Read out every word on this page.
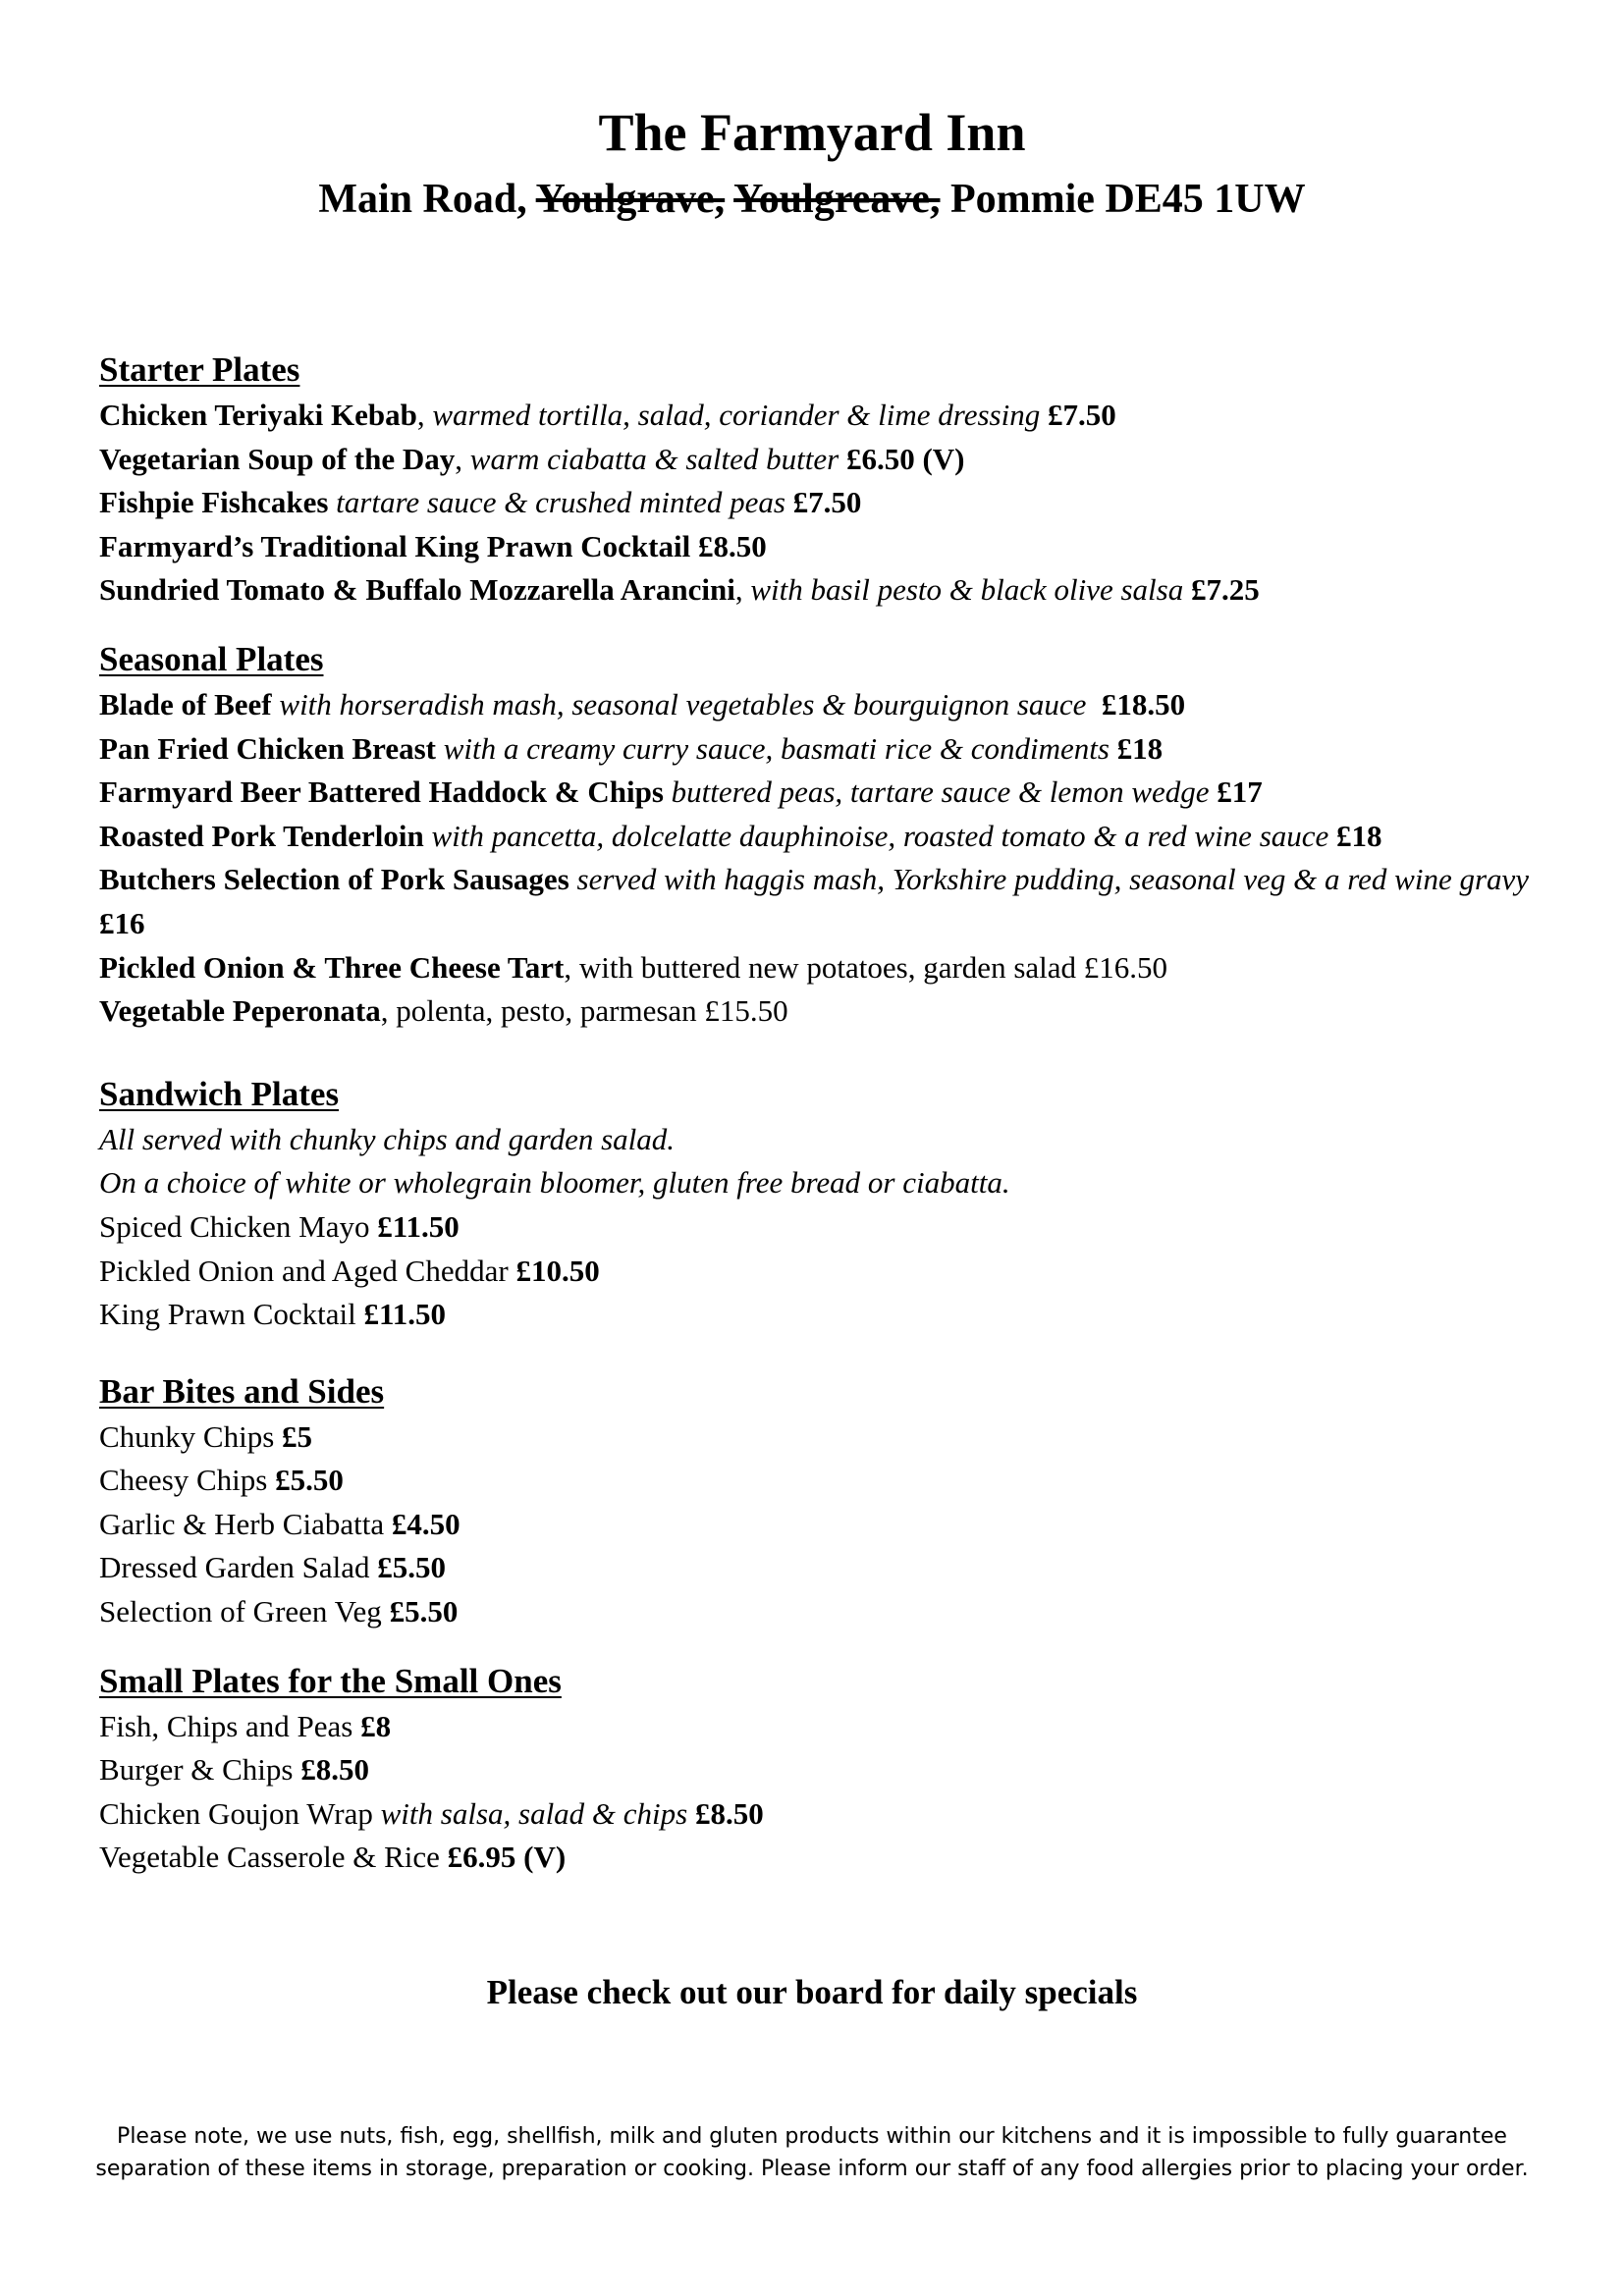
The Farmyard Inn
Main Road, Youlgrave, Youlgreave, Pommie DE45 1UW
Starter Plates
Chicken Teriyaki Kebab, warmed tortilla, salad, coriander & lime dressing £7.50
Vegetarian Soup of the Day, warm ciabatta & salted butter £6.50 (V)
Fishpie Fishcakes tartare sauce & crushed minted peas £7.50
Farmyard’s Traditional King Prawn Cocktail £8.50
Sundried Tomato & Buffalo Mozzarella Arancini, with basil pesto & black olive salsa £7.25
Seasonal Plates
Blade of Beef with horseradish mash, seasonal vegetables & bourguignon sauce £18.50
Pan Fried Chicken Breast with a creamy curry sauce, basmati rice & condiments £18
Farmyard Beer Battered Haddock & Chips buttered peas, tartare sauce & lemon wedge £17
Roasted Pork Tenderloin with pancetta, dolcelatte dauphinoise, roasted tomato & a red wine sauce £18
Butchers Selection of Pork Sausages served with haggis mash, Yorkshire pudding, seasonal veg & a red wine gravy £16
Pickled Onion & Three Cheese Tart, with buttered new potatoes, garden salad £16.50
Vegetable Peperonata, polenta, pesto, parmesan £15.50
Sandwich Plates
All served with chunky chips and garden salad.
On a choice of white or wholegrain bloomer, gluten free bread or ciabatta.
Spiced Chicken Mayo £11.50
Pickled Onion and Aged Cheddar £10.50
King Prawn Cocktail £11.50
Bar Bites and Sides
Chunky Chips £5
Cheesy Chips £5.50
Garlic & Herb Ciabatta £4.50
Dressed Garden Salad £5.50
Selection of Green Veg £5.50
Small Plates for the Small Ones
Fish, Chips and Peas £8
Burger & Chips £8.50
Chicken Goujon Wrap with salsa, salad & chips £8.50
Vegetable Casserole & Rice £6.95 (V)
Please check out our board for daily specials
Please note, we use nuts, fish, egg, shellfish, milk and gluten products within our kitchens and it is impossible to fully guarantee separation of these items in storage, preparation or cooking. Please inform our staff of any food allergies prior to placing your order.
